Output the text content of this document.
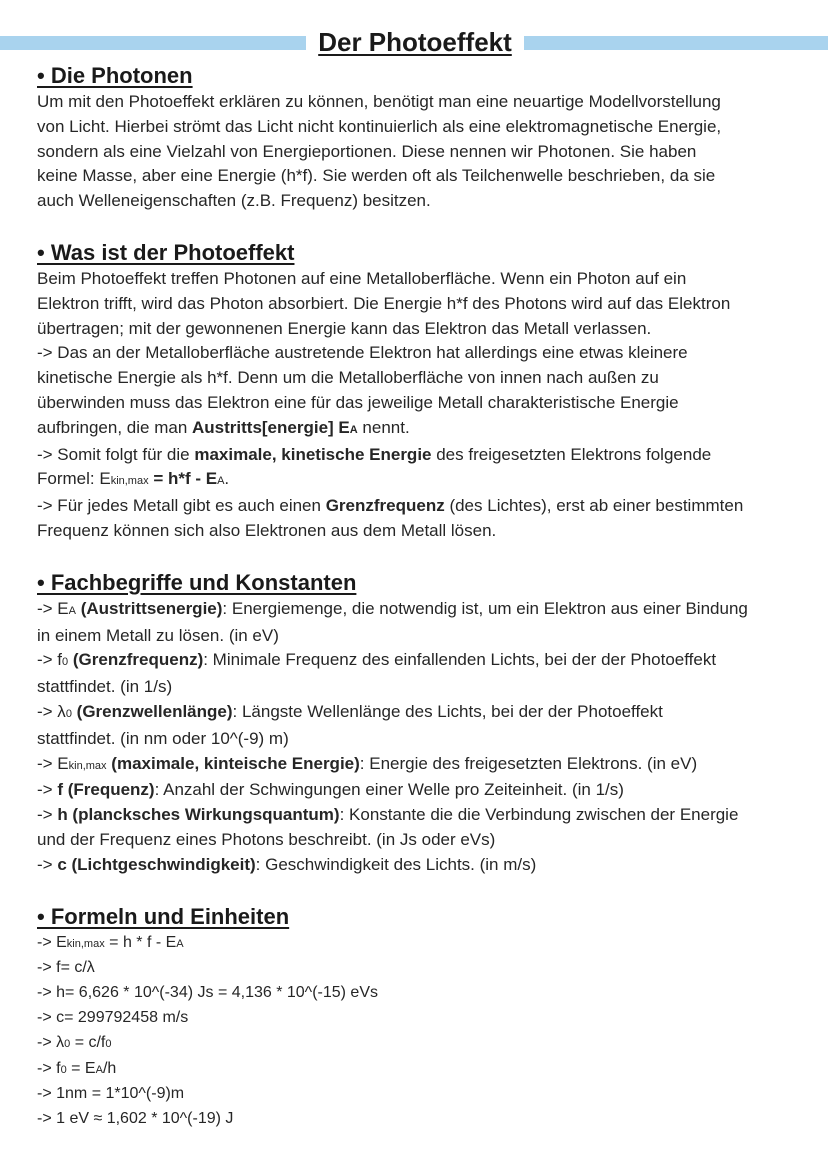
Der Photoeffekt
• Die Photonen
Um mit den Photoeffekt erklären zu können, benötigt man eine neuartige Modellvorstellung
von Licht. Hierbei strömt das Licht nicht kontinuierlich als eine elektromagnetische Energie,
sondern als eine Vielzahl von Energieportionen. Diese nennen wir Photonen. Sie haben
keine Masse, aber eine Energie (h*f). Sie werden oft als Teilchenwelle beschrieben, da sie
auch Welleneigenschaften (z.B. Frequenz) besitzen.
• Was ist der Photoeffekt
Beim Photoeffekt treffen Photonen auf eine Metalloberfläche. Wenn ein Photon auf ein
Elektron trifft, wird das Photon absorbiert. Die Energie h*f des Photons wird auf das Elektron
übertragen; mit der gewonnenen Energie kann das Elektron das Metall verlassen.
-> Das an der Metalloberfläche austretende Elektron hat allerdings eine etwas kleinere
kinetische Energie als h*f. Denn um die Metalloberfläche von innen nach außen zu
überwinden muss das Elektron eine für das jeweilige Metall charakteristische Energie
aufbringen, die man Austritts[energie] EA nennt.
-> Somit folgt für die maximale, kinetische Energie des freigesetzten Elektrons folgende
Formel: Ekin,max = h*f - EA.
-> Für jedes Metall gibt es auch einen Grenzfrequenz (des Lichtes), erst ab einer bestimmten
Frequenz können sich also Elektronen aus dem Metall lösen.
• Fachbegriffe und Konstanten
-> EA (Austrittsenergie): Energiemenge, die notwendig ist, um ein Elektron aus einer Bindung
in einem Metall zu lösen. (in eV)
-> f0 (Grenzfrequenz): Minimale Frequenz des einfallenden Lichts, bei der der Photoeffekt
stattfindet. (in 1/s)
-> λ0 (Grenzwellenlänge): Längste Wellenlänge des Lichts, bei der der Photoeffekt
stattfindet. (in nm oder 10^(-9) m)
-> Ekin,max (maximale, kinteische Energie): Energie des freigesetzten Elektrons. (in eV)
-> f (Frequenz): Anzahl der Schwingungen einer Welle pro Zeiteinheit. (in 1/s)
-> h (plancksches Wirkungsquantum): Konstante die die Verbindung zwischen der Energie
und der Frequenz eines Photons beschreibt. (in Js oder eVs)
-> c (Lichtgeschwindigkeit): Geschwindigkeit des Lichts. (in m/s)
• Formeln und Einheiten
-> Ekin,max = h * f - EA
-> f= c/λ
-> h= 6,626 * 10^(-34) Js = 4,136 * 10^(-15) eVs
-> c= 299792458 m/s
-> λ0 = c/f0
-> f0 = EA/h
-> 1nm = 1*10^(-9)m
-> 1 eV ≈ 1,602 * 10^(-19) J
